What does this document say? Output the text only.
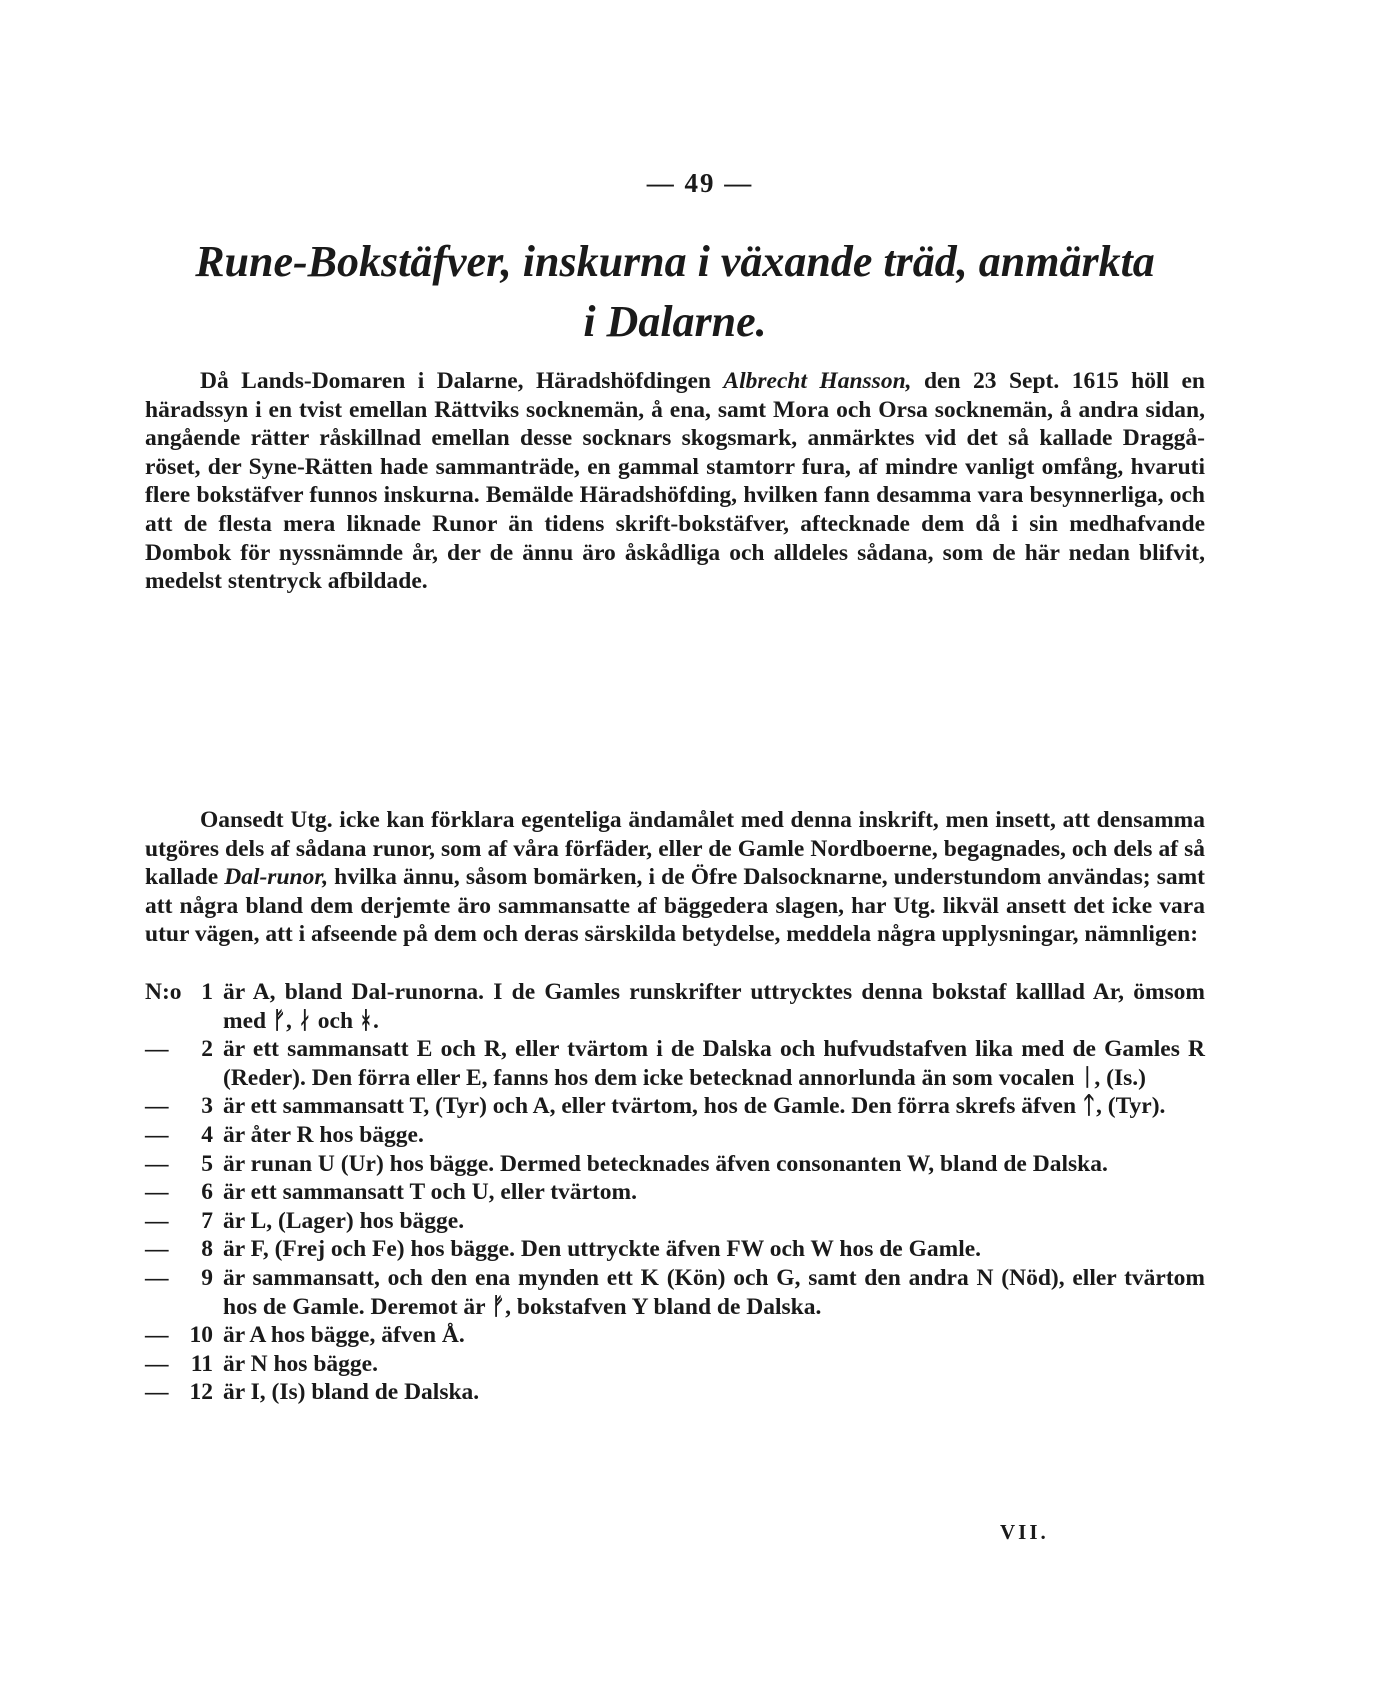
— 49 —
Rune-Bokstäfver, inskurna i växande träd, anmärkta
i Dalarne.
Då Lands-Domaren i Dalarne, Häradshöfdingen Albrecht Hansson, den 23 Sept. 1615 höll en häradssyn i en tvist emellan Rättviks socknemän, å ena, samt Mora och Orsa socknemän, å andra sidan, angående rätter råskillnad emellan desse socknars skogsmark, anmärktes vid det så kallade Draggå-röset, der Syne-Rätten hade sammanträde, en gammal stamtorr fura, af mindre vanligt omfång, hvaruti flere bokstäfver funnos inskurna. Bemälde Häradshöfding, hvilken fann desamma vara besynnerliga, och att de flesta mera liknade Runor än tidens skrift-bokstäfver, aftecknade dem då i sin medhafvande Dombok för nyssnämnde år, der de ännu äro åskådliga och alldeles sådana, som de här nedan blifvit, medelst stentryck afbildade.
Oansedt Utg. icke kan förklara egenteliga ändamålet med denna inskrift, men insett, att densamma utgöres dels af sådana runor, som af våra förfäder, eller de Gamle Nordboerne, begagnades, och dels af så kallade Dal-runor, hvilka ännu, såsom bomärken, i de Öfre Dalsocknarne, understundom användas; samt att några bland dem derjemte äro sammansatte af bäggedera slagen, har Utg. likväl ansett det icke vara utur vägen, att i afseende på dem och deras särskilda betydelse, meddela några upplysningar, nämnligen:
N:o 1 är A, bland Dal-runorna. I de Gamles runskrifter uttrycktes denna bokstaf kalllad Ar, ömsom med ᚠ, ᛅ och ᚼ.
—	2 är ett sammansatt E och R, eller tvärtom i de Dalska och hufvudstafven lika med de Gamles R (Reder). Den förra eller E, fanns hos dem icke betecknad annorlunda än som vocalen ᛁ, (Is.)
—	3 är ett sammansatt T, (Tyr) och A, eller tvärtom, hos de Gamle. Den förra skrefs äfven ᛏ, (Tyr).
—	4 är åter R hos bägge.
—	5 är runan U (Ur) hos bägge. Dermed betecknades äfven consonanten W, bland de Dalska.
—	6 är ett sammansatt T och U, eller tvärtom.
—	7 är L, (Lager) hos bägge.
—	8 är F, (Frej och Fe) hos bägge. Den uttryckte äfven FW och W hos de Gamle.
—	9 är sammansatt, och den ena mynden ett K (Kön) och G, samt den andra N (Nöd), eller tvärtom hos de Gamle. Deremot är ᚠ, bokstafven Y bland de Dalska.
— 10 är A hos bägge, äfven Å.
— 11 är N hos bägge.
— 12 är I, (Is) bland de Dalska.
VII.
